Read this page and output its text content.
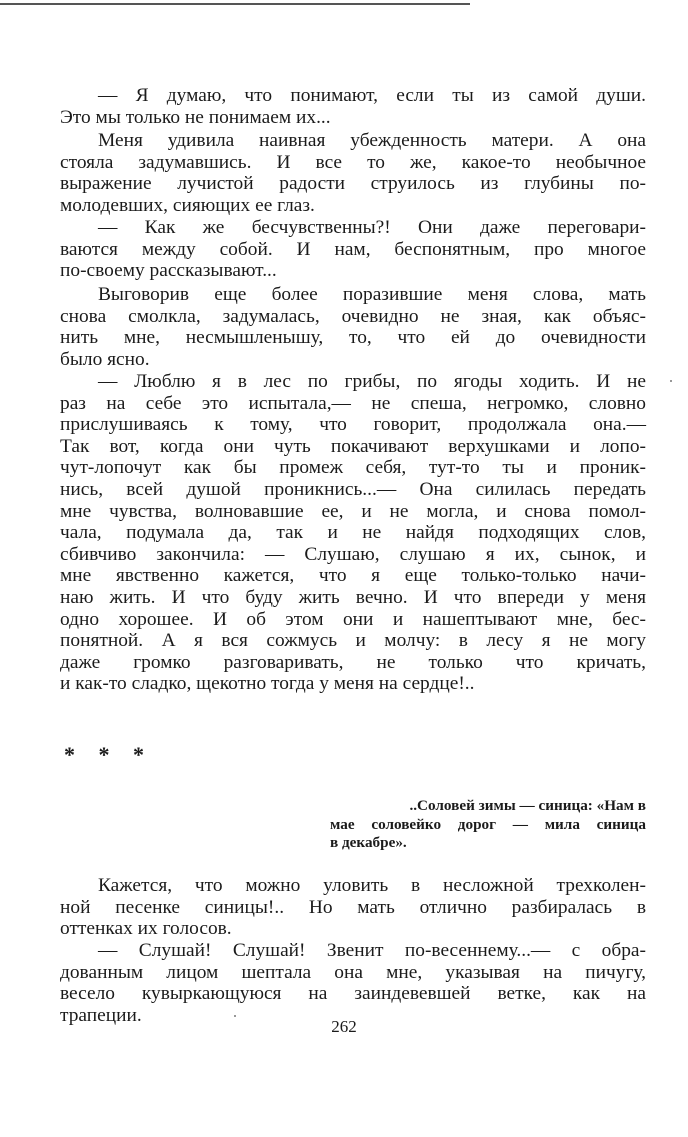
— Я думаю, что понимают, если ты из самой души.
Это мы только не понимаем их...
Меня удивила наивная убежденность матери. А она
стояла задумавшись. И все то же, какое-то необычное
выражение лучистой радости струилось из глубины по-
молодевших, сияющих ее глаз.
— Как же бесчувственны?! Они даже переговари-
ваются между собой. И нам, беспонятным, про многое
по-своему рассказывают...
Выговорив еще более поразившие меня слова, мать
снова смолкла, задумалась, очевидно не зная, как объяс-
нить мне, несмышленышу, то, что ей до очевидности
было ясно.
— Люблю я в лес по грибы, по ягоды ходить. И не
раз на себе это испытала,— не спеша, негромко, словно
прислушиваясь к тому, что говорит, продолжала она.—
Так вот, когда они чуть покачивают верхушками и лопо-
чут-лопочут как бы промеж себя, тут-то ты и проник-
нись, всей душой проникнись...— Она силилась передать
мне чувства, волновавшие ее, и не могла, и снова помол-
чала, подумала да, так и не найдя подходящих слов,
сбивчиво закончила: — Слушаю, слушаю я их, сынок, и
мне явственно кажется, что я еще только-только начи-
наю жить. И что буду жить вечно. И что впереди у меня
одно хорошее. И об этом они и нашептывают мне, бес-
понятной. А я вся сожмусь и молчу: в лесу я не могу
даже громко разговаривать, не только что кричать,
и как-то сладко, щекотно тогда у меня на сердце!..
* * *
..Соловей зимы — синица: «Нам в
мае соловейко дорог — мила синица
в декабре».
Кажется, что можно уловить в несложной трехколен-
ной песенке синицы!.. Но мать отлично разбиралась в
оттенках их голосов.
— Слушай! Слушай! Звенит по-весеннему...— с обра-
дованным лицом шептала она мне, указывая на пичугу,
весело кувыркающуюся на заиндевевшей ветке, как на
трапеции.
262
